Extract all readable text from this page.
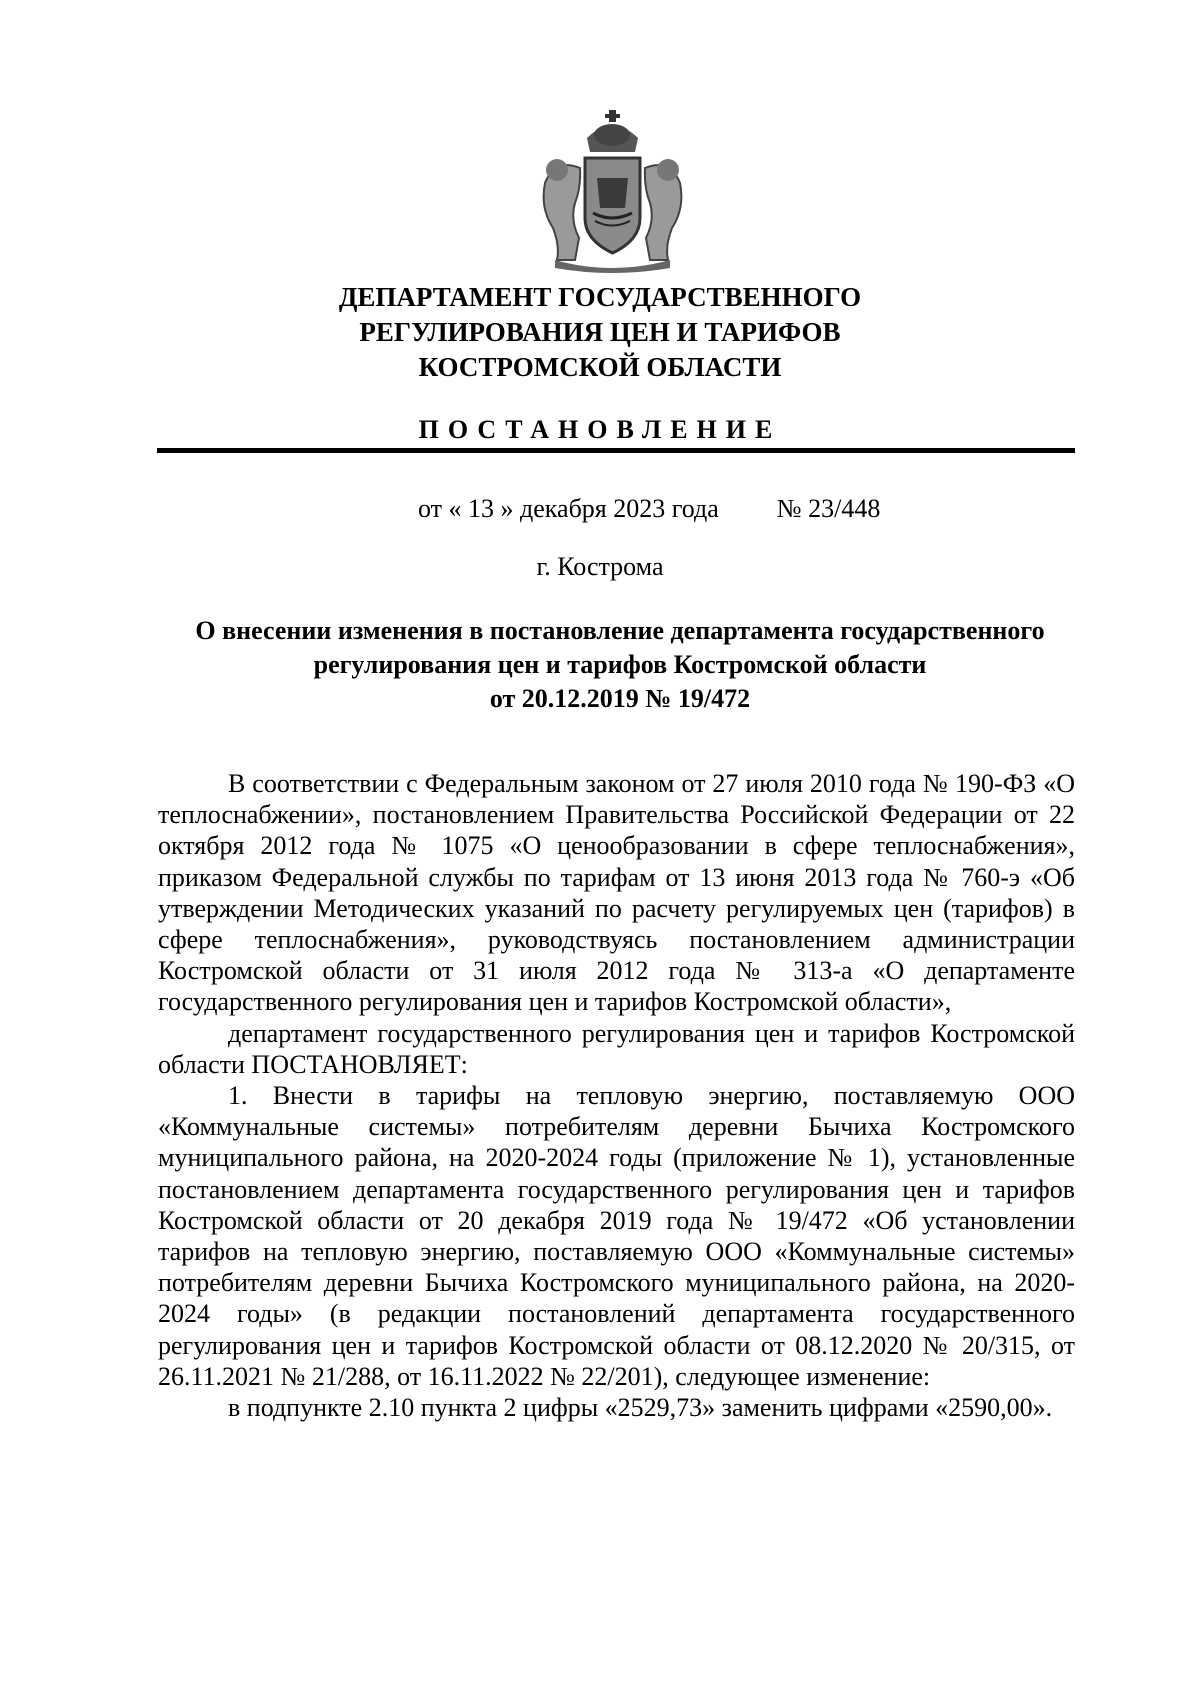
ДЕПАРТАМЕНТ ГОСУДАРСТВЕННОГО
РЕГУЛИРОВАНИЯ ЦЕН И ТАРИФОВ
КОСТРОМСКОЙ ОБЛАСТИ
ПОСТАНОВЛЕНИЕ
от « 13 » декабря 2023 года № 23/448
г. Кострома
О внесении изменения в постановление департамента государственного
регулирования цен и тарифов Костромской области
от 20.12.2019 № 19/472

В соответствии с Федеральным законом от 27 июля 2010 года № 190-ФЗ «О теплоснабжении», постановлением Правительства Российской Федерации от 22 октября 2012 года № 1075 «О ценообразовании в сфере теплоснабжения», приказом Федеральной службы по тарифам от 13 июня 2013 года № 760-э «Об утверждении Методических указаний по расчету регулируемых цен (тарифов) в сфере теплоснабжения», руководствуясь постановлением администрации Костромской области от 31 июля 2012 года № 313-а «О департаменте государственного регулирования цен и тарифов Костромской области»,

департамент государственного регулирования цен и тарифов Костромской области ПОСТАНОВЛЯЕТ:

1. Внести в тарифы на тепловую энергию, поставляемую ООО «Коммунальные системы» потребителям деревни Бычиха Костромского муниципального района, на 2020-2024 годы (приложение № 1), установленные постановлением департамента государственного регулирования цен и тарифов Костромской области от 20 декабря 2019 года № 19/472 «Об установлении тарифов на тепловую энергию, поставляемую ООО «Коммунальные системы» потребителям деревни Бычиха Костромского муниципального района, на 2020-2024 годы» (в редакции постановлений департамента государственного регулирования цен и тарифов Костромской области от 08.12.2020 № 20/315, от 26.11.2021 № 21/288, от 16.11.2022 № 22/201), следующее изменение:

в подпункте 2.10 пункта 2 цифры «2529,73» заменить цифрами «2590,00».
